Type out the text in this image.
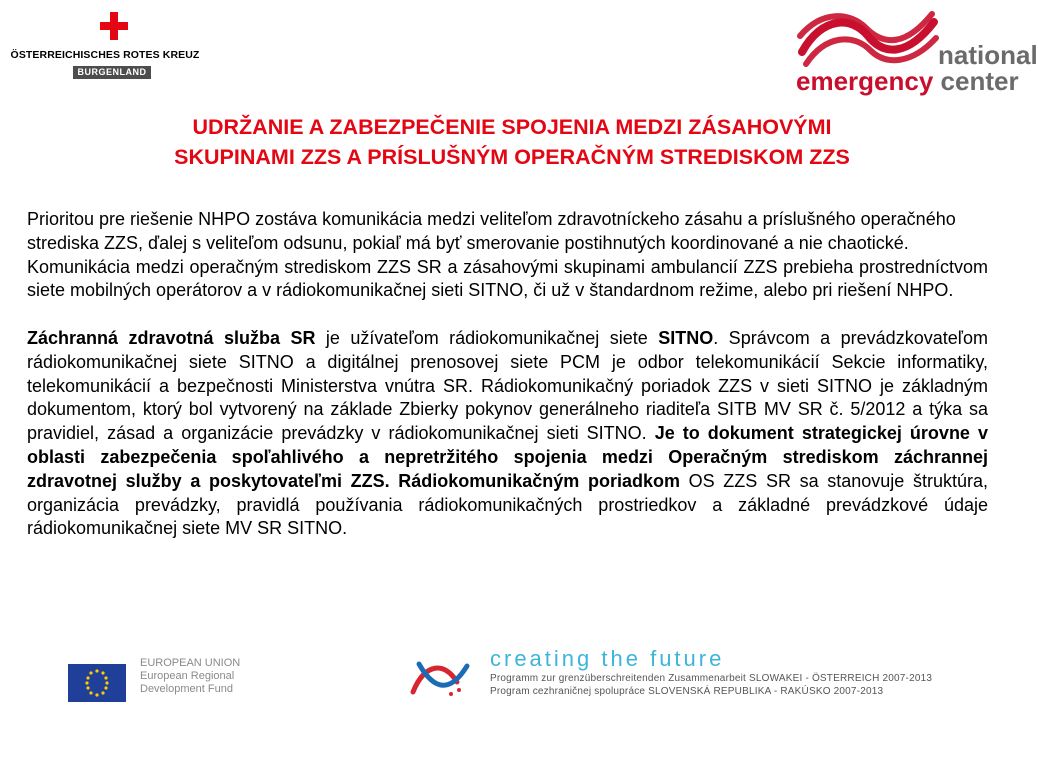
ÖSTERREICHISCHES ROTES KREUZ
BURGENLAND
national
emergency center
UDRŽANIE A ZABEZPEČENIE SPOJENIA MEDZI ZÁSAHOVÝMI
SKUPINAMI ZZS A PRÍSLUŠNÝM OPERAČNÝM STREDISKOM ZZS
EUROPEAN UNION
European Regional
Development Fund
creating the future
Programm zur grenzüberschreitenden Zusammenarbeit SLOWAKEI - ÖSTERREICH 2007-2013
Program cezhraničnej spolupráce SLOVENSKÁ REPUBLIKA - RAKÚSKO 2007-2013

Prioritou pre riešenie NHPO zostáva komunikácia medzi veliteľom zdravotníckeho zásahu a príslušného operačného strediska ZZS, ďalej s veliteľom odsunu, pokiaľ má byť smerovanie postihnutých koordinované a nie chaotické.

Komunikácia medzi operačným strediskom ZZS SR a zásahovými skupinami ambulancií ZZS prebieha prostredníctvom siete mobilných operátorov a v rádiokomunikačnej sieti SITNO, či už v štandardnom režime, alebo pri riešení NHPO.

Záchranná zdravotná služba SR je užívateľom rádiokomunikačnej siete SITNO. Správcom a prevádzkovateľom rádiokomunikačnej siete SITNO a digitálnej prenosovej siete PCM je odbor telekomunikácií Sekcie informatiky, telekomunikácií a bezpečnosti Ministerstva vnútra SR. Rádiokomunikačný poriadok ZZS v sieti SITNO je základným dokumentom, ktorý bol vytvorený na základe Zbierky pokynov generálneho riaditeľa SITB MV SR č. 5/2012 a týka sa pravidiel, zásad a organizácie prevádzky v rádiokomunikačnej sieti SITNO. Je to dokument strategickej úrovne v oblasti zabezpečenia spoľahlivého a nepretržitého spojenia medzi Operačným strediskom záchrannej zdravotnej služby a poskytovateľmi ZZS. Rádiokomunikačným poriadkom OS ZZS SR sa stanovuje štruktúra, organizácia prevádzky, pravidlá používania rádiokomunikačných prostriedkov a základné prevádzkové údaje rádiokomunikačnej siete MV SR SITNO.
